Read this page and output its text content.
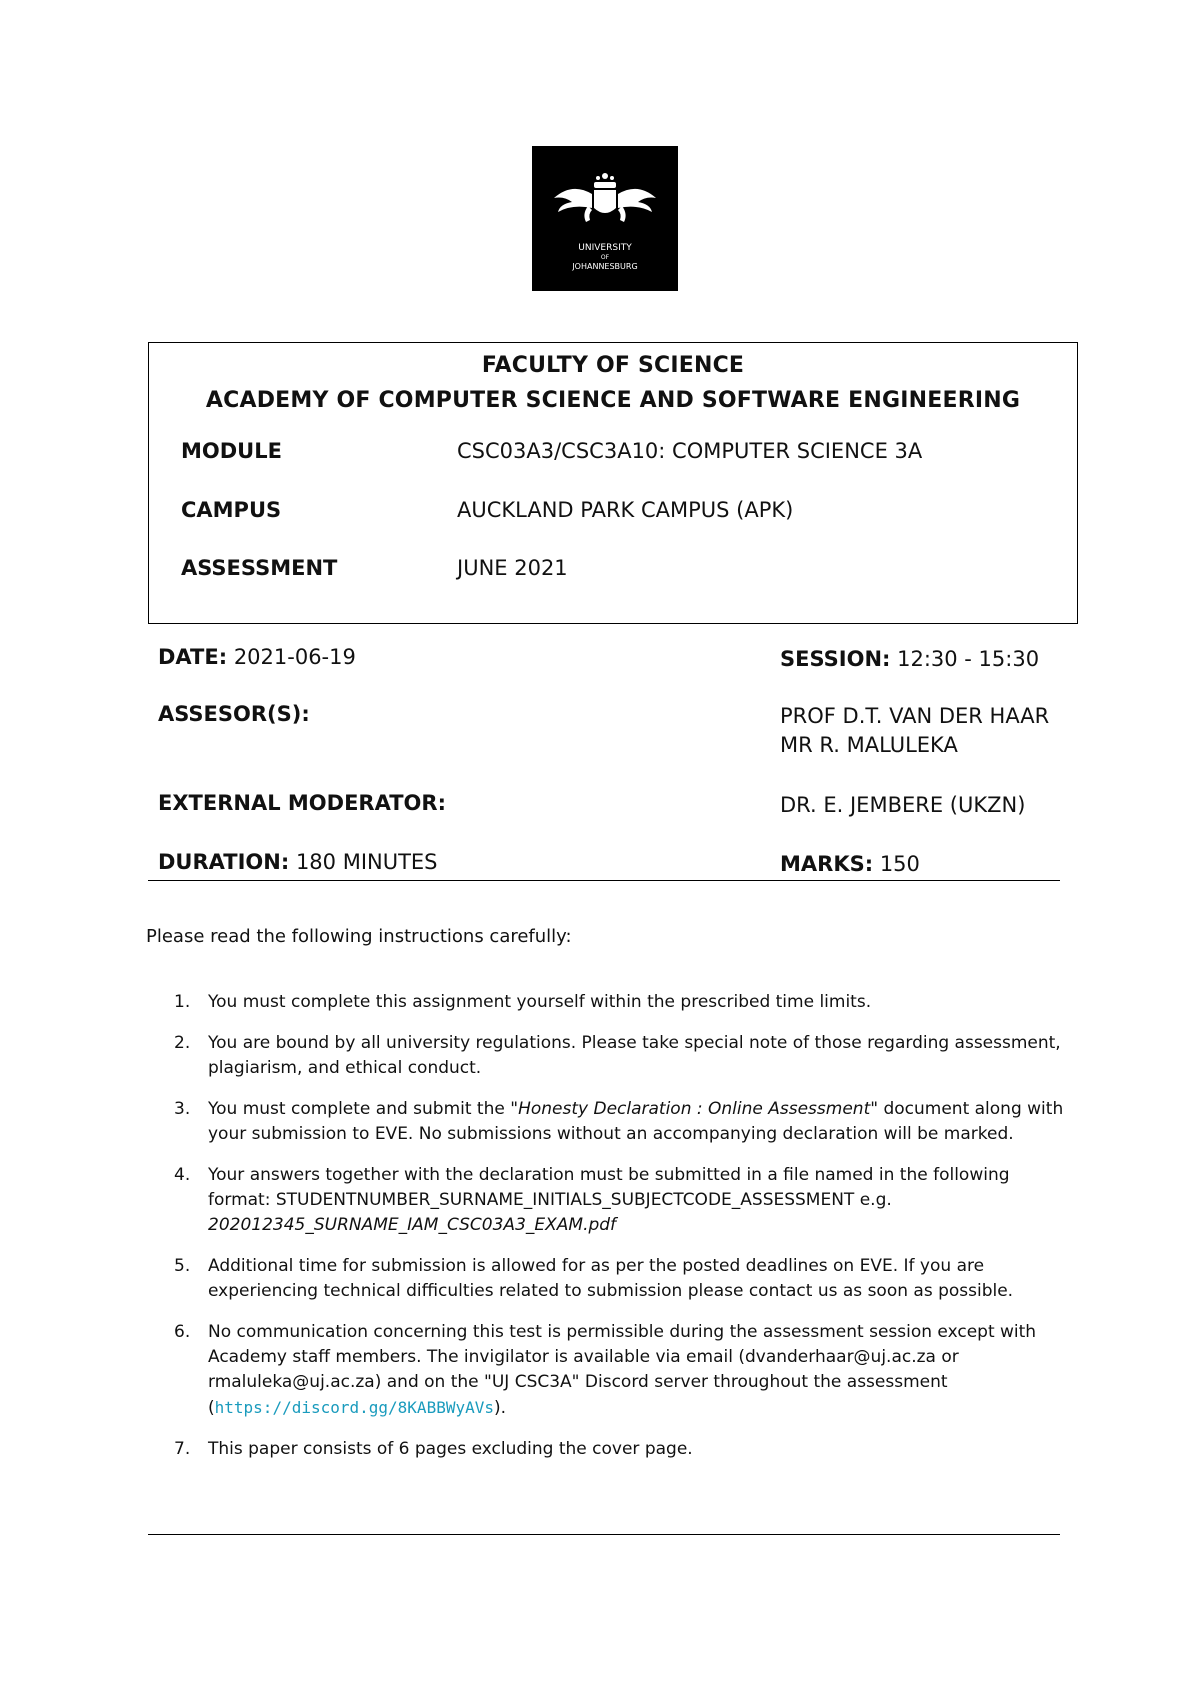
UNIVERSITY
OF
JOHANNESBURG
FACULTY OF SCIENCE
ACADEMY OF COMPUTER SCIENCE AND SOFTWARE ENGINEERING
MODULE	CSC03A3/CSC3A10: COMPUTER SCIENCE 3A
CAMPUS	AUCKLAND PARK CAMPUS (APK)
ASSESSMENT	JUNE 2021
DATE: 2021-06-19	SESSION: 12:30 - 15:30
ASSESOR(S):	PROF D.T. VAN DER HAAR
MR R. MALULEKA
EXTERNAL MODERATOR:	DR. E. JEMBERE (UKZN)
DURATION: 180 MINUTES	MARKS: 150
Please read the following instructions carefully:
1. You must complete this assignment yourself within the prescribed time limits.
2. You are bound by all university regulations. Please take special note of those regarding assessment, plagiarism, and ethical conduct.
3. You must complete and submit the "Honesty Declaration : Online Assessment" document along with your submission to EVE. No submissions without an accompanying declaration will be marked.
4. Your answers together with the declaration must be submitted in a file named in the following format: STUDENTNUMBER_SURNAME_INITIALS_SUBJECTCODE_ASSESSMENT e.g. 202012345_SURNAME_IAM_CSC03A3_EXAM.pdf
5. Additional time for submission is allowed for as per the posted deadlines on EVE. If you are experiencing technical difficulties related to submission please contact us as soon as possible.
6. No communication concerning this test is permissible during the assessment session except with Academy staff members. The invigilator is available via email (dvanderhaar@uj.ac.za or rmaluleka@uj.ac.za) and on the "UJ CSC3A" Discord server throughout the assessment (https://discord.gg/8KABBWyAVs).
7. This paper consists of 6 pages excluding the cover page.
